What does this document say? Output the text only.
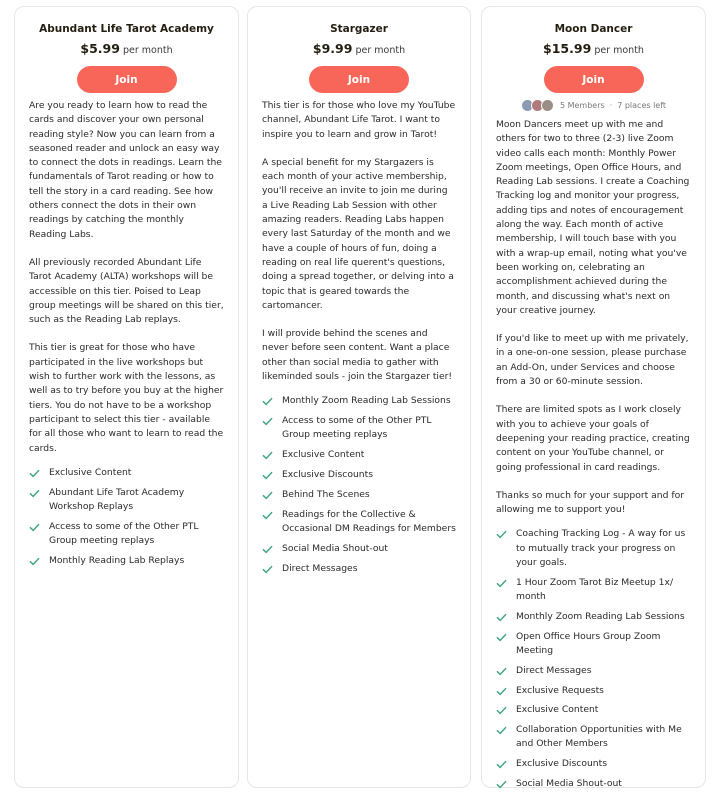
Abundant Life Tarot Academy
$5.99 per month
Join

Are you ready to learn how to read the cards and discover your own personal reading style? Now you can learn from a seasoned reader and unlock an easy way to connect the dots in readings. Learn the fundamentals of Tarot reading or how to tell the story in a card reading. See how others connect the dots in their own readings by catching the monthly Reading Labs.

All previously recorded Abundant Life Tarot Academy (ALTA) workshops will be accessible on this tier. Poised to Leap group meetings will be shared on this tier, such as the Reading Lab replays.

This tier is great for those who have participated in the live workshops but wish to further work with the lessons, as well as to try before you buy at the higher tiers. You do not have to be a workshop participant to select this tier - available for all those who want to learn to read the cards.

Exclusive Content
Abundant Life Tarot Academy Workshop Replays
Access to some of the Other PTL Group meeting replays
Monthly Reading Lab Replays
Stargazer
$9.99 per month
Join

This tier is for those who love my YouTube channel, Abundant Life Tarot. I want to inspire you to learn and grow in Tarot!

A special benefit for my Stargazers is each month of your active membership, you'll receive an invite to join me during a Live Reading Lab Session with other amazing readers. Reading Labs happen every last Saturday of the month and we have a couple of hours of fun, doing a reading on real life querent's questions, doing a spread together, or delving into a topic that is geared towards the cartomancer.

I will provide behind the scenes and never before seen content. Want a place other than social media to gather with likeminded souls - join the Stargazer tier!

Monthly Zoom Reading Lab Sessions
Access to some of the Other PTL Group meeting replays
Exclusive Content
Exclusive Discounts
Behind The Scenes
Readings for the Collective & Occasional DM Readings for Members
Social Media Shout-out
Direct Messages
Moon Dancer
$15.99 per month
Join
5 Members · 7 places left

Moon Dancers meet up with me and others for two to three (2-3) live Zoom video calls each month: Monthly Power Zoom meetings, Open Office Hours, and Reading Lab sessions. I create a Coaching Tracking log and monitor your progress, adding tips and notes of encouragement along the way. Each month of active membership, I will touch base with you with a wrap-up email, noting what you've been working on, celebrating an accomplishment achieved during the month, and discussing what's next on your creative journey.

If you'd like to meet up with me privately, in a one-on-one session, please purchase an Add-On, under Services and choose from a 30 or 60-minute session.

There are limited spots as I work closely with you to achieve your goals of deepening your reading practice, creating content on your YouTube channel, or going professional in card readings.

Thanks so much for your support and for allowing me to support you!

Coaching Tracking Log - A way for us to mutually track your progress on your goals.
1 Hour Zoom Tarot Biz Meetup 1x/ month
Monthly Zoom Reading Lab Sessions
Open Office Hours Group Zoom Meeting
Direct Messages
Exclusive Requests
Exclusive Content
Collaboration Opportunities with Me and Other Members
Exclusive Discounts
Social Media Shout-out
